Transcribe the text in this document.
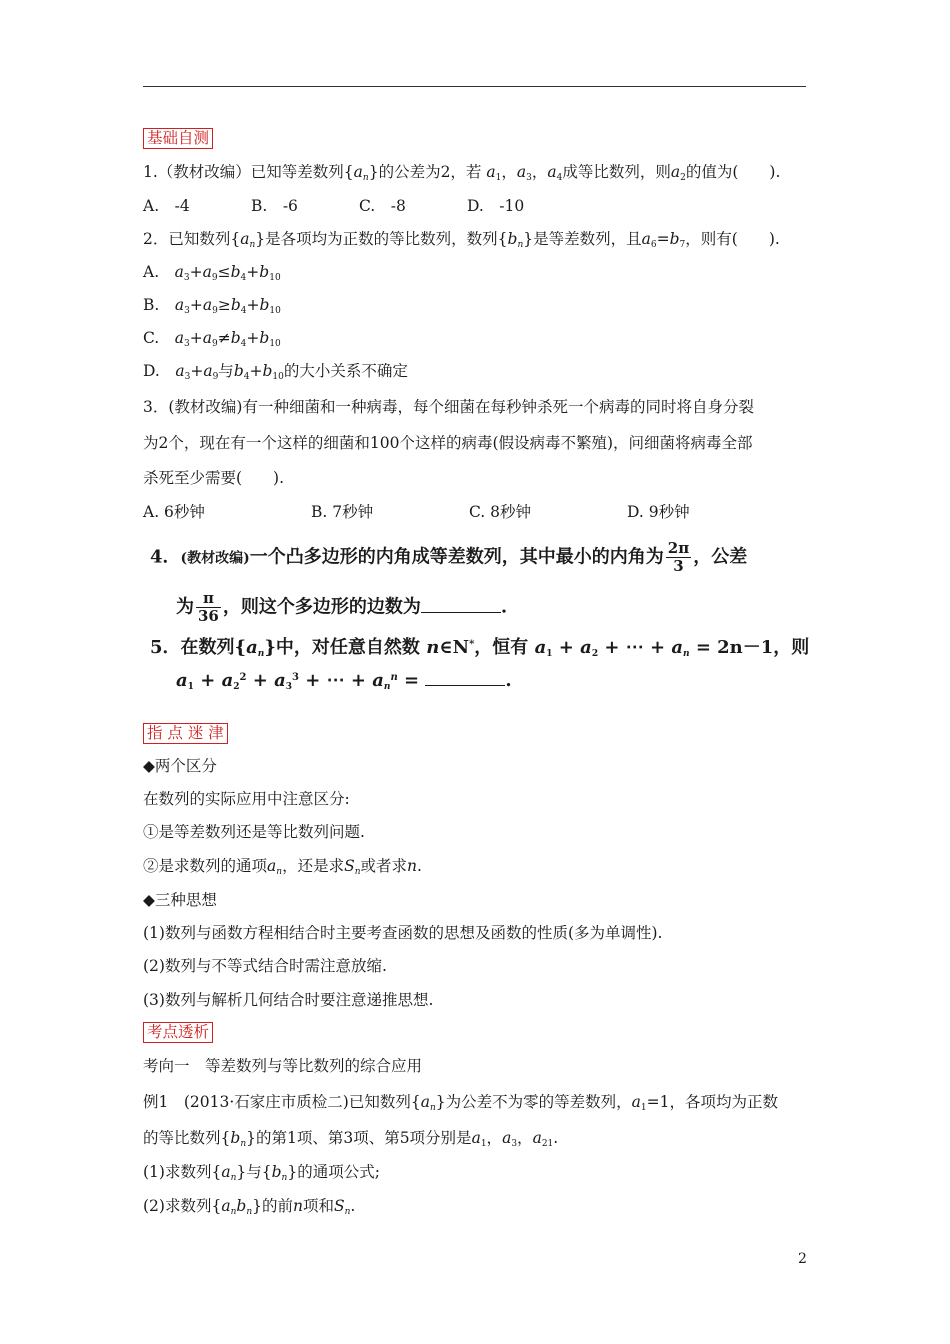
基础自测
1.（教材改编）已知等差数列$\{a_n\}$的公差为2，若 $a_1$，$a_3$，$a_4$成等比数列，则$a_2$的值为(　　).
A.　-4	B.　-6	C.　-8	D.　-10
2．已知数列$\{a_n\}$是各项均为正数的等比数列，数列$\{b_n\}$是等差数列，且$a_6=b_7$，则有(　　).
A.　 $a_3+a_9\le b_4+b_{10}$
B.　 $a_3+a_9\ge b_4+b_{10}$
C.　 $a_3+a_9\ne b_4+b_{10}$
D.　 $a_3+a_9$与$b_4+b_{10}$的大小关系不确定
3．(教材改编)有一种细菌和一种病毒，每个细菌在每秒钟杀死一个病毒的同时将自身分裂
为2个，现在有一个这样的细菌和100个这样的病毒(假设病毒不繁殖)，问细菌将病毒全部
杀死至少需要(　　).
A. 6秒钟	B. 7秒钟	C. 8秒钟	D. 9秒钟
4．(教材改编)一个凸多边形的内角成等差数列，其中最小的内角为 $\frac{2\pi}{3}$ ，公差
为 $\frac{\pi}{36}$ ，则这个多边形的边数为	.
5．在数列$\{a_n\}$中，对任意自然数 n∈N*，恒有 $a_1 + a_2$ + ⋯ + $a_n = 2n-1$，则
$a_1 + a_2^2 + a_3^3$ + ⋯ + $a_n^n$ =	.
指 点 迷 津
◆两个区分
在数列的实际应用中注意区分:
①是等差数列还是等比数列问题.
②是求数列的通项$a_n$，还是求$S_n$或者求n.
◆三种思想
(1)数列与函数方程相结合时主要考查函数的思想及函数的性质(多为单调性).
(2)数列与不等式结合时需注意放缩.
(3)数列与解析几何结合时要注意递推思想.
考点透析
考向一　等差数列与等比数列的综合应用
例1　(2013·石家庄市质检二)已知数列$\{a_n\}$为公差不为零的等差数列，$a_1=1$，各项均为正数
的等比数列$\{b_n\}$的第1项、第3项、第5项分别是$a_1$，$a_3$，$a_{21}$.
(1)求数列$\{a_n\}$与$\{b_n\}$的通项公式;
(2)求数列$\{a_nb_n\}$的前n项和$S_n$.
2
